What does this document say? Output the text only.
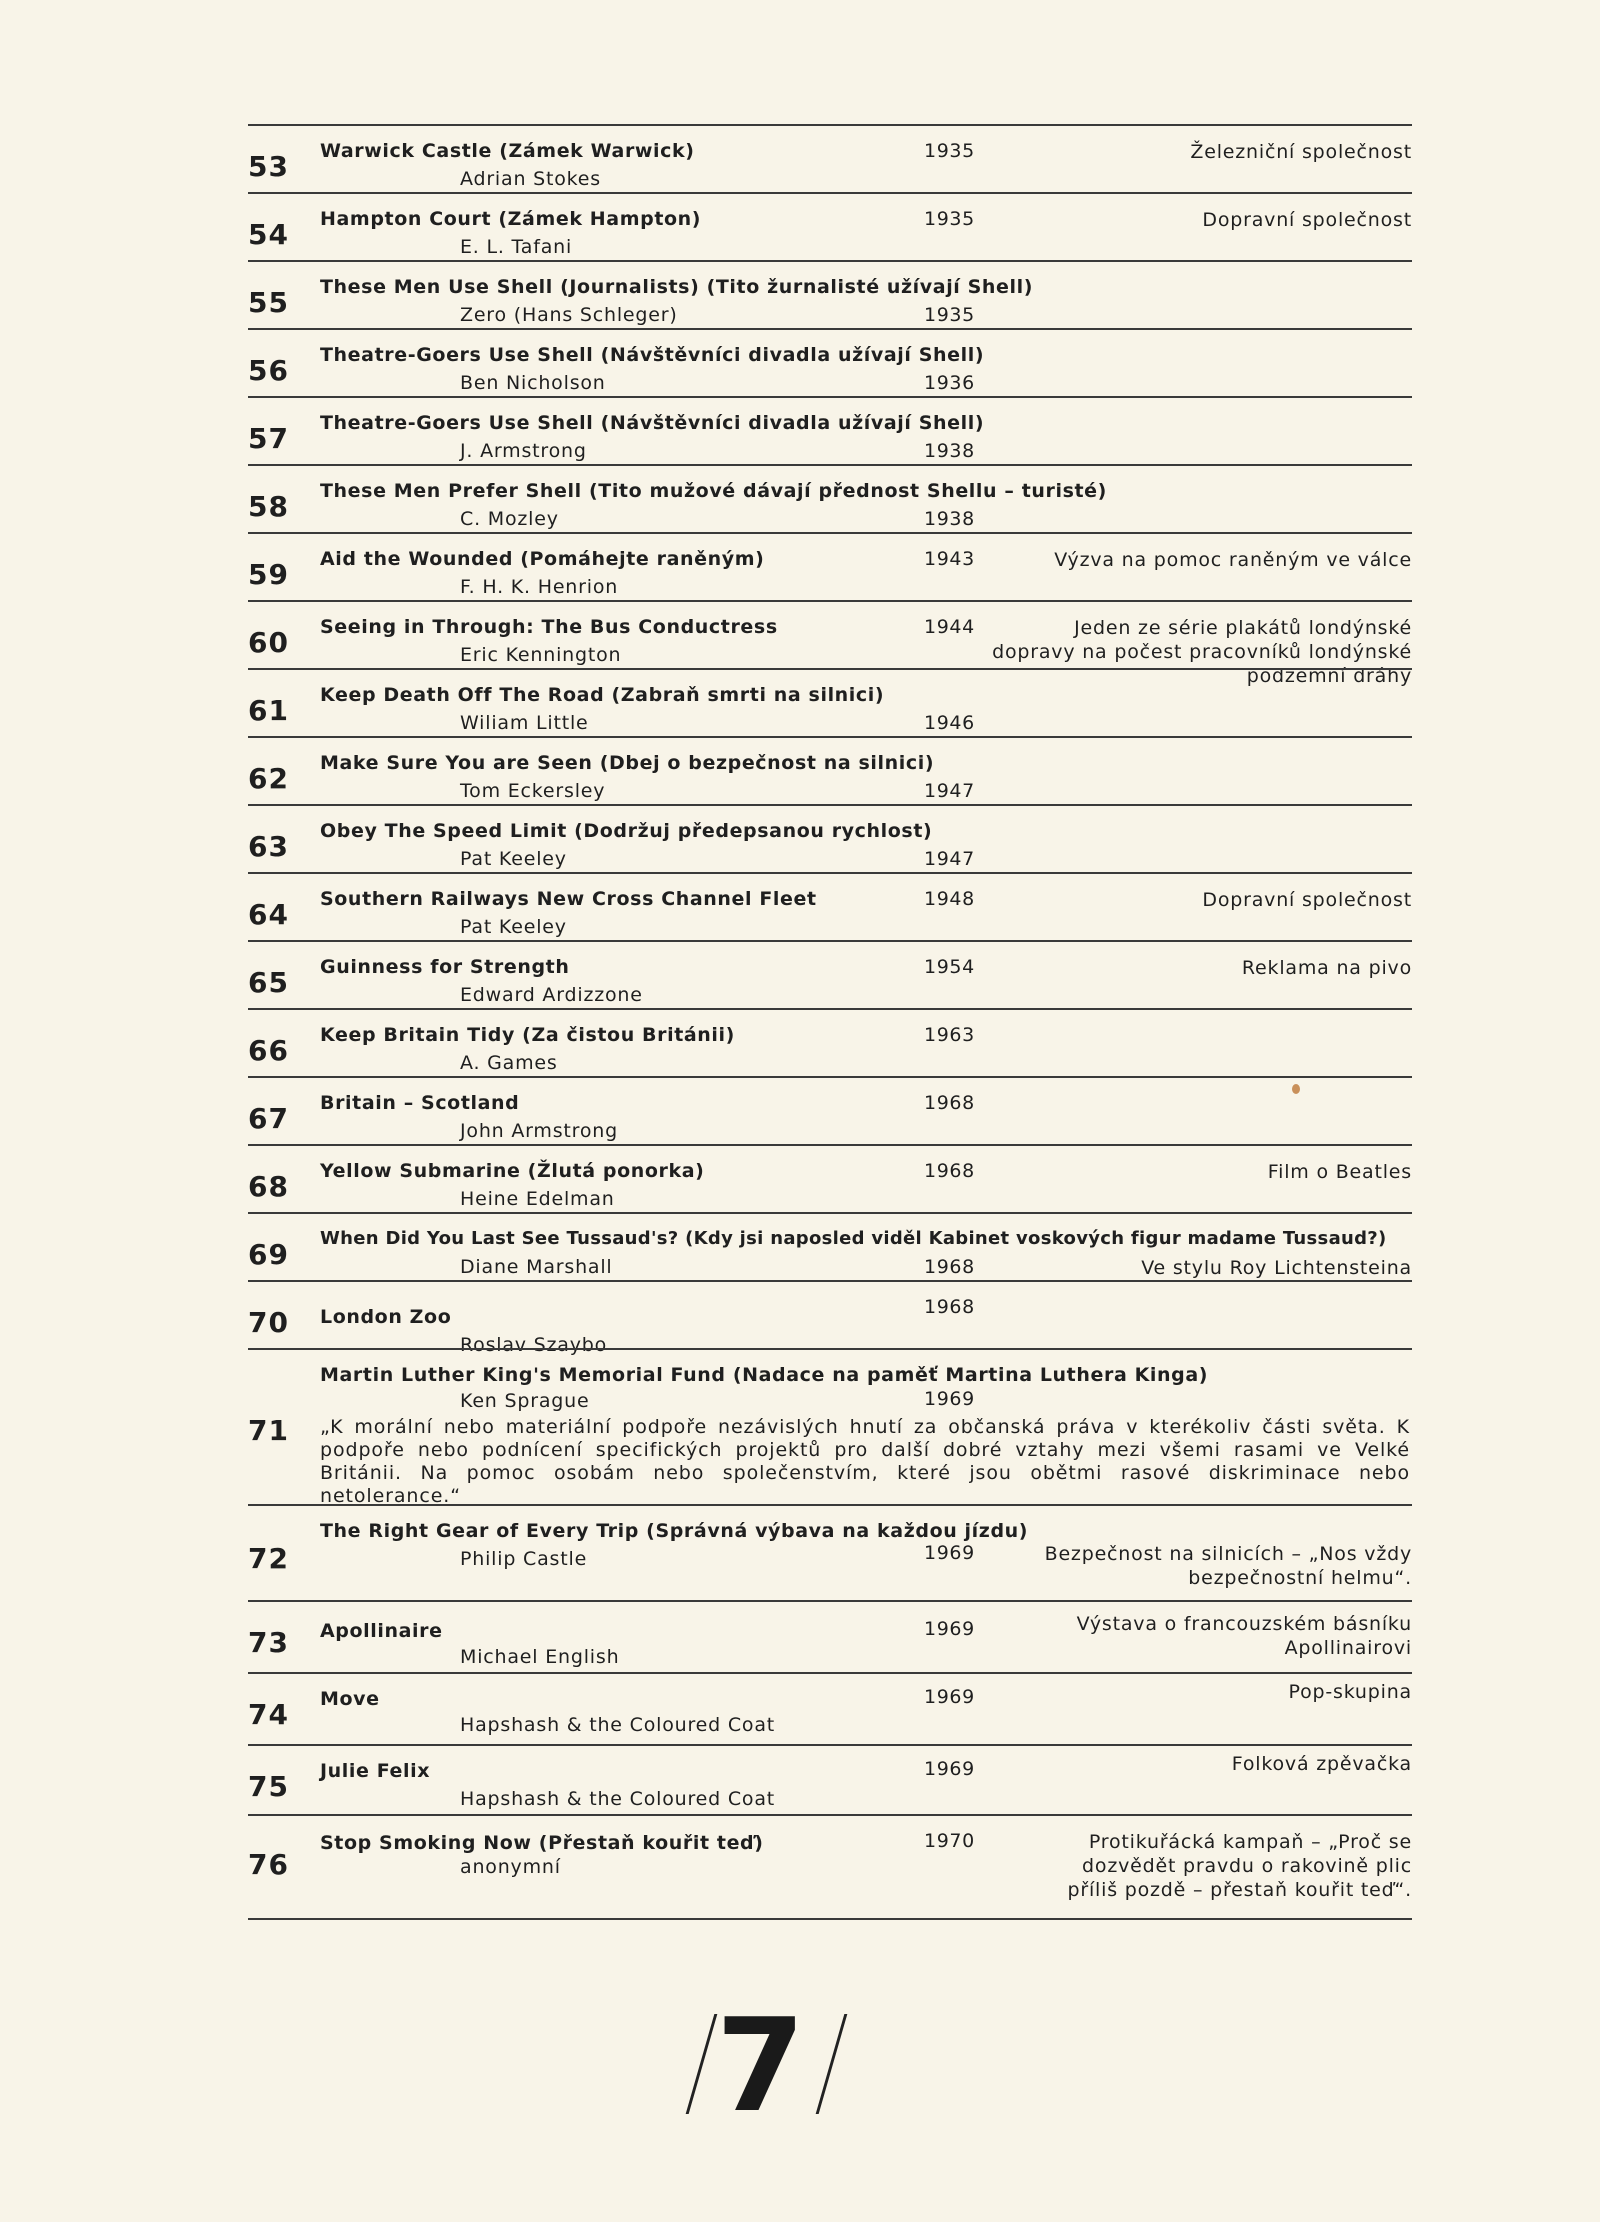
53 Warwick Castle (Zámek Warwick)
Adrian Stokes
1935	Železniční společnost
54 Hampton Court (Zámek Hampton)
E. L. Tafani
1935	Dopravní společnost
55 These Men Use Shell (Journalists) (Tito žurnalisté užívají Shell)
Zero (Hans Schleger)	1935
56 Theatre-Goers Use Shell (Návštěvníci divadla užívají Shell)
Ben Nicholson	1936
57 Theatre-Goers Use Shell (Návštěvníci divadla užívají Shell)
J. Armstrong	1938
58 These Men Prefer Shell (Tito mužové dávají přednost Shellu – turisté)
C. Mozley	1938
59 Aid the Wounded (Pomáhejte raněným)
F. H. K. Henrion
1943	Výzva na pomoc raněným ve válce
60 Seeing in Through: The Bus Conductress
Eric Kennington
1944	Jeden ze série plakátů londýnské dopravy na počest pracovníků londýnské podzemní dráhy
61 Keep Death Off The Road (Zabraň smrti na silnici)
Wiliam Little	1946
62 Make Sure You are Seen (Dbej o bezpečnost na silnici)
Tom Eckersley	1947
63 Obey The Speed Limit (Dodržuj předepsanou rychlost)
Pat Keeley	1947
64 Southern Railways New Cross Channel Fleet
Pat Keeley
1948	Dopravní společnost
65 Guinness for Strength
Edward Ardizzone
1954	Reklama na pivo
66 Keep Britain Tidy (Za čistou Británii)
A. Games
1963
67 Britain – Scotland
John Armstrong
1968
68 Yellow Submarine (Žlutá ponorka)
Heine Edelman
1968	Film o Beatles
69 When Did You Last See Tussaud's? (Kdy jsi naposled viděl Kabinet voskových figur madame Tussaud?)
Diane Marshall	1968	Ve stylu Roy Lichtensteina
70 London Zoo
Roslav Szaybo
1968
71
Martin Luther King's Memorial Fund (Nadace na paměť Martina Luthera Kinga)
Ken Sprague	1969
„K morální nebo materiální podpoře nezávislých hnutí za občanská práva v kterékoliv části světa. K podpoře nebo podnícení specifických projektů pro další dobré vztahy mezi všemi rasami ve Velké Británii. Na pomoc osobám nebo společenstvím, které jsou obětmi rasové diskriminace nebo netolerance.“
72
The Right Gear of Every Trip (Správná výbava na každou jízdu)
Philip Castle	1969	Bezpečnost na silnicích – „Nos vždy bezpečnostní helmu“.
73 Apollinaire
Michael English
1969	Výstava o francouzském básníku Apollinairovi
74 Move
Hapshash & the Coloured Coat
1969	Pop-skupina
75 Julie Felix
Hapshash & the Coloured Coat
1969	Folková zpěvačka
76
Stop Smoking Now (Přestaň kouřit teď)
anonymní
1970	Protikuřácká kampaň – „Proč se dozvědět pravdu o rakovině plic příliš pozdě – přestaň kouřit teď“.
7
